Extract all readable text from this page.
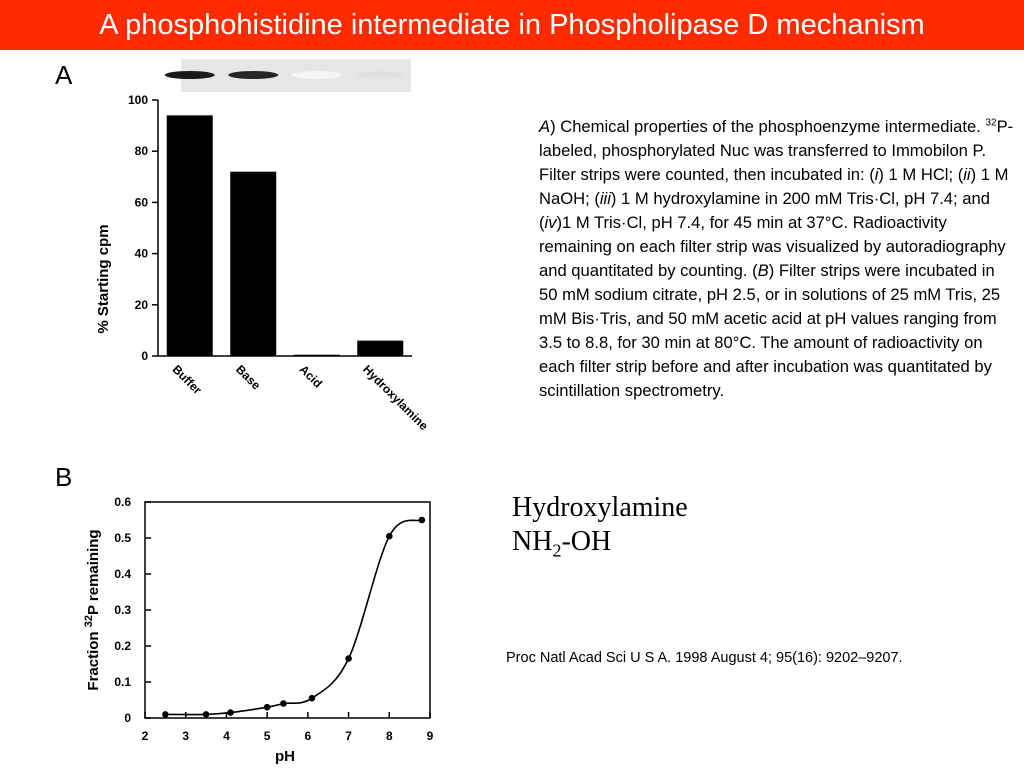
A phosphohistidine intermediate in Phospholipase D mechanism
A
B
0
20
40
60
80
100
Buffer Base	Acid	Hydroxylamine
% Starting cpm
A) Chemical properties of the phosphoenzyme intermediate. $^{32}$P-labeled, phosphorylated Nuc was transferred to Immobilon P. Filter strips were counted, then incubated in: (i) 1 M HCl; (ii) 1 M NaOH; (iii) 1 M hydroxylamine in 200 mM Tris·Cl, pH 7.4; and (iv)1 M Tris·Cl, pH 7.4, for 45 min at 37°C. Radioactivity remaining on each filter strip was visualized by autoradiography and quantitated by counting. (B) Filter strips were incubated in 50 mM sodium citrate, pH 2.5, or in solutions of 25 mM Tris, 25 mM Bis·Tris, and 50 mM acetic acid at pH values ranging from 3.5 to 8.8, for 30 min at 80°C. The amount of radioactivity on each filter strip before and after incubation was quantitated by scintillation spectrometry.
0
0.1
0.2
0.3
0.4
0.5
0.6
2	3	4	5	6	7	8	9
pH
Fraction $^{32}$P remaining
Hydroxylamine
$NH_2-OH$
Proc Natl Acad Sci U S A. 1998 August 4; 95(16): 9202–9207.
